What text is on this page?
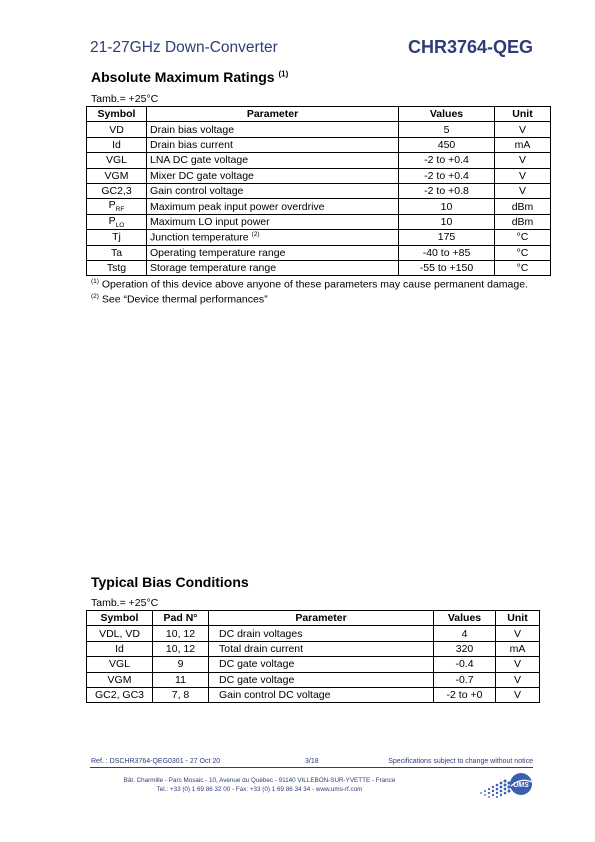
21-27GHz Down-Converter	CHR3764-QEG
Absolute Maximum Ratings $^{(1)}$
Tamb.= +25°C
Symbol	Parameter	Values	Unit
VD	Drain bias voltage	5	V
Id	Drain bias current	450	mA
VGL	LNA DC gate voltage	-2 to +0.4	V
VGM	Mixer DC gate voltage	-2 to +0.4	V
GC2,3	Gain control voltage	-2 to +0.8	V
$P_{RF}$	Maximum peak input power overdrive	10	dBm
$P_{LO}$	Maximum LO input power	10	dBm
Tj	Junction temperature $^{(2)}$	175	°C
Ta	Operating temperature range	-40 to +85	°C
Tstg	Storage temperature range	-55 to +150	°C
$^{(1)}$ Operation of this device above anyone of these parameters may cause permanent damage.
$^{(2)}$ See “Device thermal performances”
Typical Bias Conditions
Tamb.= +25°C
Symbol	Pad N°	Parameter	Values	Unit
VDL, VD	10, 12	DC drain voltages	4	V
Id	10, 12	Total drain current	320	mA
VGL	9	DC gate voltage	-0.4	V
VGM	11	DC gate voltage	-0.7	V
GC2, GC3	7, 8	Gain control DC voltage	-2 to +0	V
Ref. : DSCHR3764-QEG0301 - 27 Oct 20	3/18	Specifications subject to change without notice
Bât. Charmille - Parc Mosaic - 10, Avenue du Québec - 91140 VILLEBON-SUR-YVETTE - France
Tel.: +33 (0) 1 69 86 32 00 - Fax: +33 (0) 1 69 86 34 34 - www.ums-rf.com
UMS
